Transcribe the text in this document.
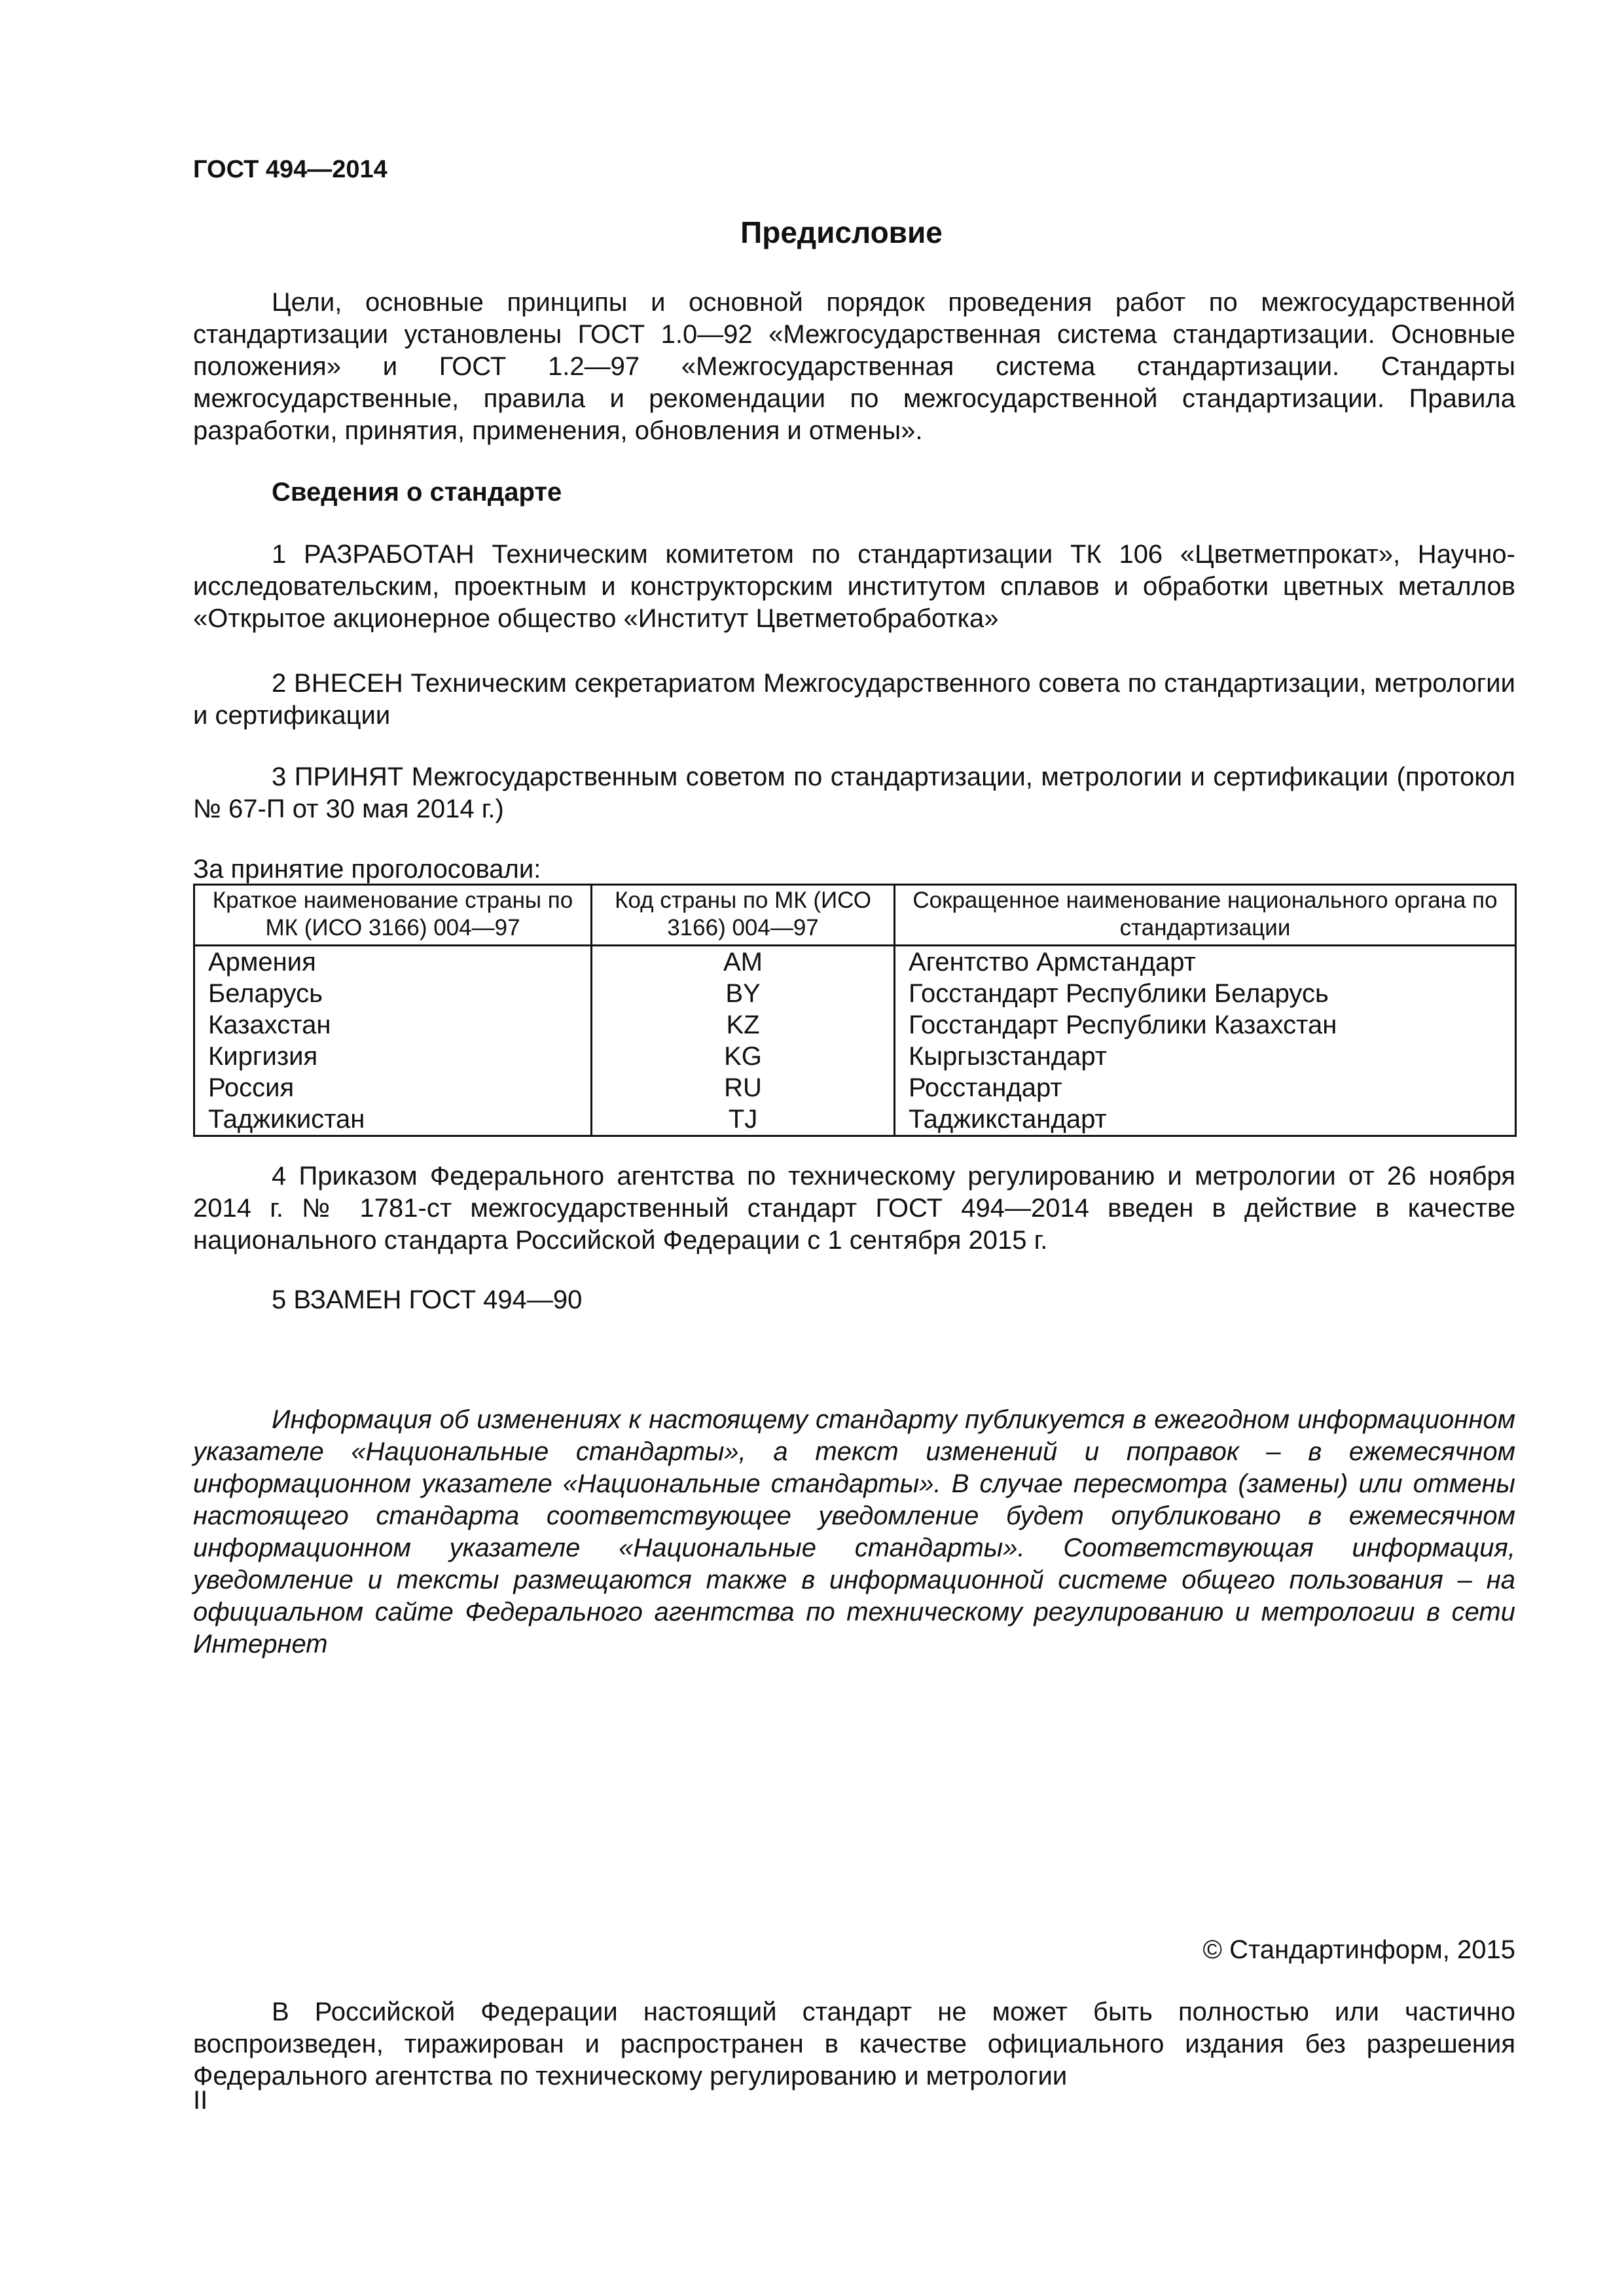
ГОСТ 494—2014
Предисловие

Цели, основные принципы и основной порядок проведения работ по межгосударственной стандартизации установлены ГОСТ 1.0—92 «Межгосударственная система стандартизации. Основные положения» и ГОСТ 1.2—97 «Межгосударственная система стандартизации. Стандарты межгосударственные, правила и рекомендации по межгосударственной стандартизации. Правила разработки, принятия, применения, обновления и отмены».

Сведения о стандарте

1 РАЗРАБОТАН Техническим комитетом по стандартизации ТК 106 «Цветметпрокат», Научно-исследовательским, проектным и конструкторским институтом сплавов и обработки цветных металлов «Открытое акционерное общество «Институт Цветметобработка»

2 ВНЕСЕН Техническим секретариатом Межгосударственного совета по стандартизации, метрологии и сертификации

3 ПРИНЯТ Межгосударственным советом по стандартизации, метрологии и сертификации (протокол № 67-П от 30 мая 2014 г.)

За принятие проголосовали:

Краткое наименование страны по МК (ИСО 3166) 004—97	Код страны по МК (ИСО 3166) 004—97	Сокращенное наименование национального органа по стандартизации
Армения	AM	Агентство Армстандарт
Беларусь	BY	Госстандарт Республики Беларусь
Казахстан	KZ	Госстандарт Республики Казахстан
Киргизия	KG	Кыргызстандарт
Россия	RU	Росстандарт
Таджикистан	TJ	Таджикстандарт

4 Приказом Федерального агентства по техническому регулированию и метрологии от 26 ноября 2014 г. № 1781-ст межгосударственный стандарт ГОСТ 494—2014 введен в действие в качестве национального стандарта Российской Федерации с 1 сентября 2015 г.

5 ВЗАМЕН ГОСТ 494—90

Информация об изменениях к настоящему стандарту публикуется в ежегодном информационном указателе «Национальные стандарты», а текст изменений и поправок – в ежемесячном информационном указателе «Национальные стандарты». В случае пересмотра (замены) или отмены настоящего стандарта соответствующее уведомление будет опубликовано в ежемесячном информационном указателе «Национальные стандарты». Соответствующая информация, уведомление и тексты размещаются также в информационной системе общего пользования – на официальном сайте Федерального агентства по техническому регулированию и метрологии в сети Интернет

© Стандартинформ, 2015

В Российской Федерации настоящий стандарт не может быть полностью или частично воспроизведен, тиражирован и распространен в качестве официального издания без разрешения Федерального агентства по техническому регулированию и метрологии

II
